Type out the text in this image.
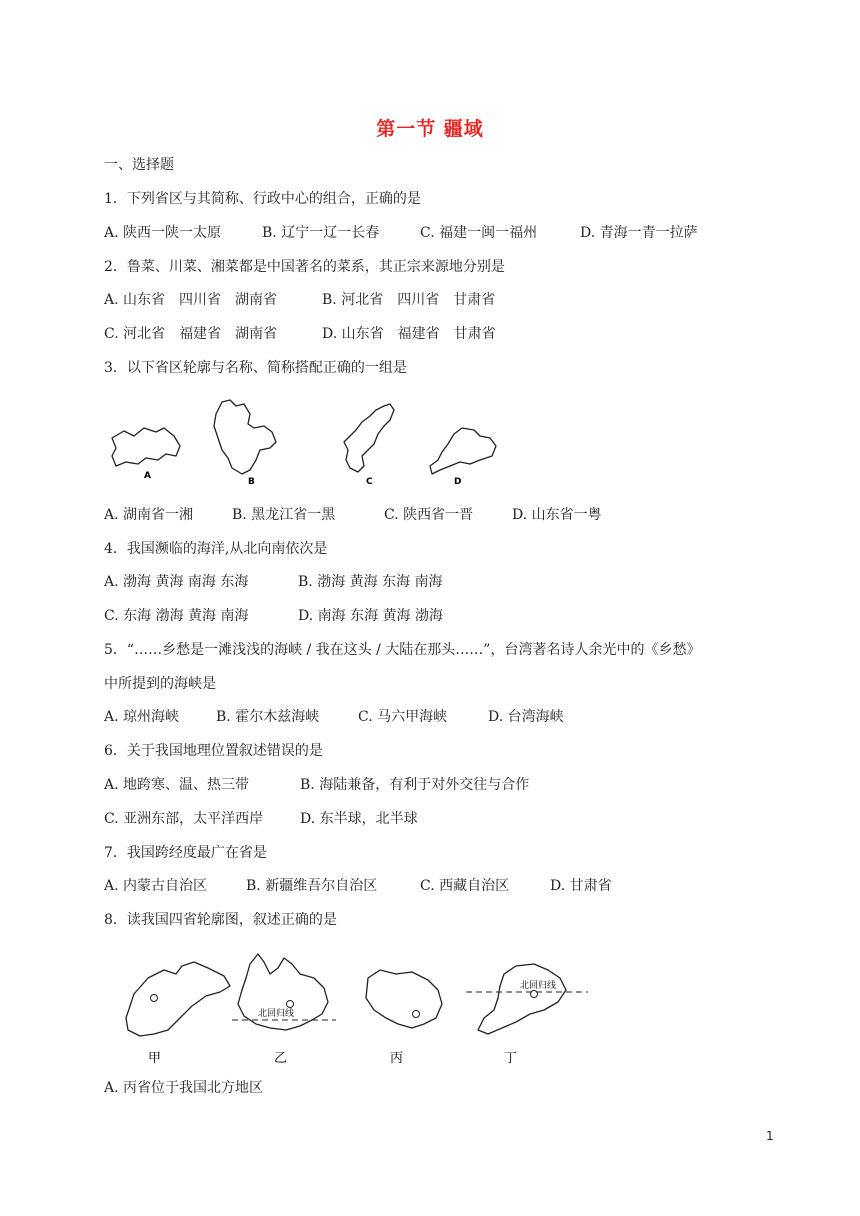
第一节 疆域
一、选择题
1．下列省区与其简称、行政中心的组合，正确的是
A. 陕西一陕一太原	B. 辽宁一辽一长春	C. 福建一闽一福州	D. 青海一青一拉萨
2．鲁菜、川菜、湘菜都是中国著名的菜系，其正宗来源地分别是
A. 山东省　四川省　湖南省	B. 河北省　四川省　甘肃省
C. 河北省　福建省　湖南省	D. 山东省　福建省　甘肃省
3．以下省区轮廓与名称、简称搭配正确的一组是
A
B	C	D
A. 湖南省一湘	B. 黑龙江省一黑	C. 陕西省一晋	D. 山东省一粤
4．我国濒临的海洋,从北向南依次是
A. 渤海 黄海 南海 东海	B. 渤海 黄海 东海 南海
C. 东海 渤海 黄海 南海	D. 南海 东海 黄海 渤海
5．“……乡愁是一滩浅浅的海峡 / 我在这头 / 大陆在那头……”，台湾著名诗人余光中的《乡愁》
中所提到的海峡是
A. 琼州海峡	B. 霍尔木兹海峡	C. 马六甲海峡	D. 台湾海峡
6．关于我国地理位置叙述错误的是
A. 地跨寒、温、热三带	B. 海陆兼备，有利于对外交往与合作
C. 亚洲东部，太平洋西岸	D. 东半球，北半球
7．我国跨经度最广在省是
A. 内蒙古自治区	B. 新疆维吾尔自治区	C. 西藏自治区	D. 甘肃省
8．读我国四省轮廓图，叙述正确的是
北回归线
北回归线
甲	乙	丙	丁
A. 丙省位于我国北方地区
1
